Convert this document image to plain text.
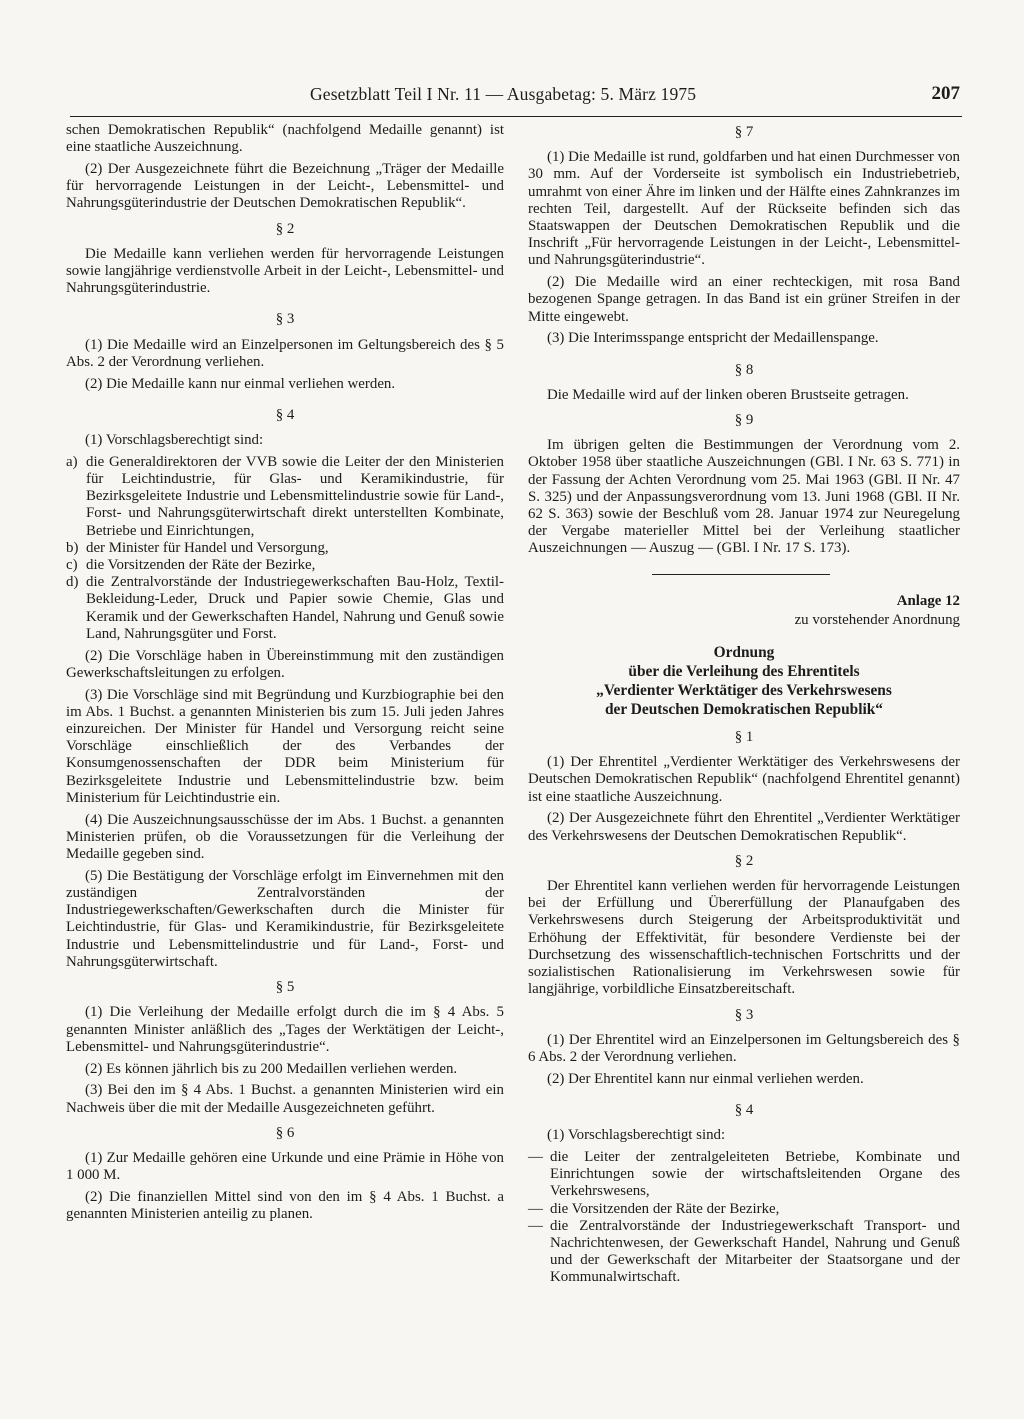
Gesetzblatt Teil I Nr. 11 — Ausgabetag: 5. März 1975	207

schen Demokratischen Republik“ (nachfolgend Medaille genannt) ist eine staatliche Auszeichnung.

(2) Der Ausgezeichnete führt die Bezeichnung „Träger der Medaille für hervorragende Leistungen in der Leicht-, Lebensmittel- und Nahrungsgüterindustrie der Deutschen Demokratischen Republik“.

§ 2

Die Medaille kann verliehen werden für hervorragende Leistungen sowie langjährige verdienstvolle Arbeit in der Leicht-, Lebensmittel- und Nahrungsgüterindustrie.

§ 3

(1) Die Medaille wird an Einzelpersonen im Geltungsbereich des § 5 Abs. 2 der Verordnung verliehen.

(2) Die Medaille kann nur einmal verliehen werden.

§ 4

(1) Vorschlagsberechtigt sind:

a) die Generaldirektoren der VVB sowie die Leiter der den Ministerien für Leichtindustrie, für Glas- und Keramikindustrie, für Bezirksgeleitete Industrie und Lebensmittelindustrie sowie für Land-, Forst- und Nahrungsgüterwirtschaft direkt unterstellten Kombinate, Betriebe und Einrichtungen,
b) der Minister für Handel und Versorgung,
c) die Vorsitzenden der Räte der Bezirke,
d) die Zentralvorstände der Industriegewerkschaften Bau-Holz, Textil-Bekleidung-Leder, Druck und Papier sowie Chemie, Glas und Keramik und der Gewerkschaften Handel, Nahrung und Genuß sowie Land, Nahrungsgüter und Forst.

(2) Die Vorschläge haben in Übereinstimmung mit den zuständigen Gewerkschaftsleitungen zu erfolgen.

(3) Die Vorschläge sind mit Begründung und Kurzbiographie bei den im Abs. 1 Buchst. a genannten Ministerien bis zum 15. Juli jeden Jahres einzureichen. Der Minister für Handel und Versorgung reicht seine Vorschläge einschließlich der des Verbandes der Konsumgenossenschaften der DDR beim Ministerium für Bezirksgeleitete Industrie und Lebensmittelindustrie bzw. beim Ministerium für Leichtindustrie ein.

(4) Die Auszeichnungsausschüsse der im Abs. 1 Buchst. a genannten Ministerien prüfen, ob die Voraussetzungen für die Verleihung der Medaille gegeben sind.

(5) Die Bestätigung der Vorschläge erfolgt im Einvernehmen mit den zuständigen Zentralvorständen der Industriegewerkschaften/Gewerkschaften durch die Minister für Leichtindustrie, für Glas- und Keramikindustrie, für Bezirksgeleitete Industrie und Lebensmittelindustrie und für Land-, Forst- und Nahrungsgüterwirtschaft.

§ 5

(1) Die Verleihung der Medaille erfolgt durch die im § 4 Abs. 5 genannten Minister anläßlich des „Tages der Werktätigen der Leicht-, Lebensmittel- und Nahrungsgüterindustrie“.

(2) Es können jährlich bis zu 200 Medaillen verliehen werden.

(3) Bei den im § 4 Abs. 1 Buchst. a genannten Ministerien wird ein Nachweis über die mit der Medaille Ausgezeichneten geführt.

§ 6

(1) Zur Medaille gehören eine Urkunde und eine Prämie in Höhe von 1 000 M.

(2) Die finanziellen Mittel sind von den im § 4 Abs. 1 Buchst. a genannten Ministerien anteilig zu planen.

§ 7

(1) Die Medaille ist rund, goldfarben und hat einen Durchmesser von 30 mm. Auf der Vorderseite ist symbolisch ein Industriebetrieb, umrahmt von einer Ähre im linken und der Hälfte eines Zahnkranzes im rechten Teil, dargestellt. Auf der Rückseite befinden sich das Staatswappen der Deutschen Demokratischen Republik und die Inschrift „Für hervorragende Leistungen in der Leicht-, Lebensmittel- und Nahrungsgüterindustrie“.

(2) Die Medaille wird an einer rechteckigen, mit rosa Band bezogenen Spange getragen. In das Band ist ein grüner Streifen in der Mitte eingewebt.

(3) Die Interimsspange entspricht der Medaillenspange.

§ 8

Die Medaille wird auf der linken oberen Brustseite getragen.

§ 9

Im übrigen gelten die Bestimmungen der Verordnung vom 2. Oktober 1958 über staatliche Auszeichnungen (GBl. I Nr. 63 S. 771) in der Fassung der Achten Verordnung vom 25. Mai 1963 (GBl. II Nr. 47 S. 325) und der Anpassungsverordnung vom 13. Juni 1968 (GBl. II Nr. 62 S. 363) sowie der Beschluß vom 28. Januar 1974 zur Neuregelung der Vergabe materieller Mittel bei der Verleihung staatlicher Auszeichnungen — Auszug — (GBl. I Nr. 17 S. 173).

Anlage 12

zu vorstehender Anordnung

Ordnung
über die Verleihung des Ehrentitels
„Verdienter Werktätiger des Verkehrswesens
der Deutschen Demokratischen Republik“
§ 1

(1) Der Ehrentitel „Verdienter Werktätiger des Verkehrswesens der Deutschen Demokratischen Republik“ (nachfolgend Ehrentitel genannt) ist eine staatliche Auszeichnung.

(2) Der Ausgezeichnete führt den Ehrentitel „Verdienter Werktätiger des Verkehrswesens der Deutschen Demokratischen Republik“.

§ 2

Der Ehrentitel kann verliehen werden für hervorragende Leistungen bei der Erfüllung und Übererfüllung der Planaufgaben des Verkehrswesens durch Steigerung der Arbeitsproduktivität und Erhöhung der Effektivität, für besondere Verdienste bei der Durchsetzung des wissenschaftlich-technischen Fortschritts und der sozialistischen Rationalisierung im Verkehrswesen sowie für langjährige, vorbildliche Einsatzbereitschaft.

§ 3

(1) Der Ehrentitel wird an Einzelpersonen im Geltungsbereich des § 6 Abs. 2 der Verordnung verliehen.

(2) Der Ehrentitel kann nur einmal verliehen werden.

§ 4

(1) Vorschlagsberechtigt sind:

— die Leiter der zentralgeleiteten Betriebe, Kombinate und Einrichtungen sowie der wirtschaftsleitenden Organe des Verkehrswesens,
— die Vorsitzenden der Räte der Bezirke,
— die Zentralvorstände der Industriegewerkschaft Transport- und Nachrichtenwesen, der Gewerkschaft Handel, Nahrung und Genuß und der Gewerkschaft der Mitarbeiter der Staatsorgane und der Kommunalwirtschaft.
